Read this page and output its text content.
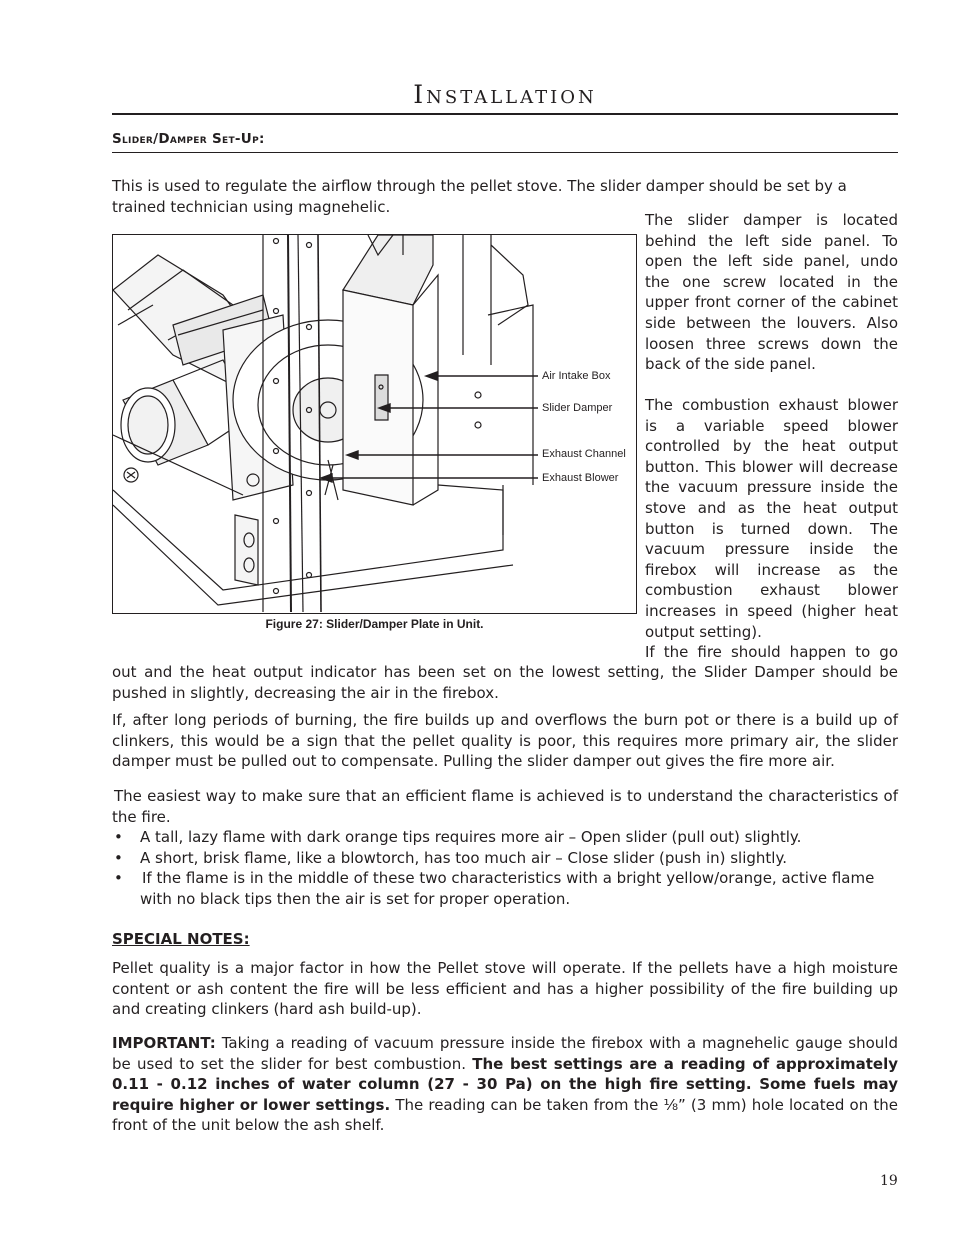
Installation
Slider/Damper Set-Up:

This is used to regulate the airflow through the pellet stove. The slider damper should be set by a trained technician using magnehelic.

Air Intake Box
Slider Damper
Exhaust Channel
Exhaust Blower
Figure 27: Slider/Damper Plate in Unit.

The slider damper is located behind the left side panel. To open the left side panel, undo the one screw located in the upper front corner of the cabinet side between the louvers. Also loosen three screws down the back of the side panel.

The combustion exhaust blower is a variable speed blower controlled by the heat output button. This blower will decrease the vacuum pressure inside the stove and as the heat output button is turned down. The vacuum pressure inside the firebox will increase as the combustion exhaust blower increases in speed (higher heat output setting).

If the fire should happen to go

out and the heat output indicator has been set on the lowest setting, the Slider Damper should be pushed in slightly, decreasing the air in the firebox.

If, after long periods of burning, the fire builds up and overflows the burn pot or there is a build up of clinkers, this would be a sign that the pellet quality is poor, this requires more primary air, the slider damper must be pulled out to compensate. Pulling the slider damper out gives the fire more air.

The easiest way to make sure that an efficient flame is achieved is to understand the characteristics of the fire.

• A tall, lazy flame with dark orange tips requires more air – Open slider (pull out) slightly.

• A short, brisk flame, like a blowtorch, has too much air – Close slider (push in) slightly.

• If the flame is in the middle of these two characteristics with a bright yellow/orange, active flame with no black tips then the air is set for proper operation.

SPECIAL NOTES:

Pellet quality is a major factor in how the Pellet stove will operate. If the pellets have a high moisture content or ash content the fire will be less efficient and has a higher possibility of the fire building up and creating clinkers (hard ash build-up).

IMPORTANT: Taking a reading of vacuum pressure inside the firebox with a magnehelic gauge should be used to set the slider for best combustion. The best settings are a reading of approximately 0.11 - 0.12 inches of water column (27 - 30 Pa) on the high fire setting. Some fuels may require higher or lower settings. The reading can be taken from the ⅛” (3 mm) hole located on the front of the unit below the ash shelf.

19
